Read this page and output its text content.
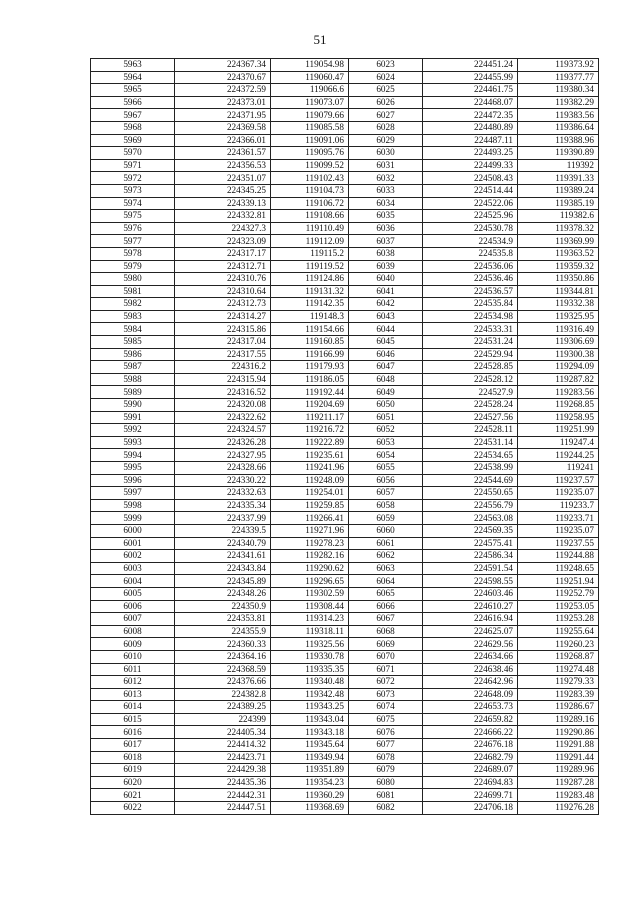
51
5963	224367.34	119054.98	6023	224451.24	119373.92
5964	224370.67	119060.47	6024	224455.99	119377.77
5965	224372.59	119066.6	6025	224461.75	119380.34
5966	224373.01	119073.07	6026	224468.07	119382.29
5967	224371.95	119079.66	6027	224472.35	119383.56
5968	224369.58	119085.58	6028	224480.89	119386.64
5969	224366.01	119091.06	6029	224487.11	119388.96
5970	224361.57	119095.76	6030	224493.25	119390.89
5971	224356.53	119099.52	6031	224499.33	119392
5972	224351.07	119102.43	6032	224508.43	119391.33
5973	224345.25	119104.73	6033	224514.44	119389.24
5974	224339.13	119106.72	6034	224522.06	119385.19
5975	224332.81	119108.66	6035	224525.96	119382.6
5976	224327.3	119110.49	6036	224530.78	119378.32
5977	224323.09	119112.09	6037	224534.9	119369.99
5978	224317.17	119115.2	6038	224535.8	119363.52
5979	224312.71	119119.52	6039	224536.06	119359.32
5980	224310.76	119124.86	6040	224536.46	119350.86
5981	224310.64	119131.32	6041	224536.57	119344.81
5982	224312.73	119142.35	6042	224535.84	119332.38
5983	224314.27	119148.3	6043	224534.98	119325.95
5984	224315.86	119154.66	6044	224533.31	119316.49
5985	224317.04	119160.85	6045	224531.24	119306.69
5986	224317.55	119166.99	6046	224529.94	119300.38
5987	224316.2	119179.93	6047	224528.85	119294.09
5988	224315.94	119186.05	6048	224528.12	119287.82
5989	224316.52	119192.44	6049	224527.9	119283.56
5990	224320.08	119204.69	6050	224528.24	119268.85
5991	224322.62	119211.17	6051	224527.56	119258.95
5992	224324.57	119216.72	6052	224528.11	119251.99
5993	224326.28	119222.89	6053	224531.14	119247.4
5994	224327.95	119235.61	6054	224534.65	119244.25
5995	224328.66	119241.96	6055	224538.99	119241
5996	224330.22	119248.09	6056	224544.69	119237.57
5997	224332.63	119254.01	6057	224550.65	119235.07
5998	224335.34	119259.85	6058	224556.79	119233.7
5999	224337.99	119266.41	6059	224563.08	119233.71
6000	224339.5	119271.96	6060	224569.35	119235.07
6001	224340.79	119278.23	6061	224575.41	119237.55
6002	224341.61	119282.16	6062	224586.34	119244.88
6003	224343.84	119290.62	6063	224591.54	119248.65
6004	224345.89	119296.65	6064	224598.55	119251.94
6005	224348.26	119302.59	6065	224603.46	119252.79
6006	224350.9	119308.44	6066	224610.27	119253.05
6007	224353.81	119314.23	6067	224616.94	119253.28
6008	224355.9	119318.11	6068	224625.07	119255.64
6009	224360.33	119325.56	6069	224629.56	119260.23
6010	224364.16	119330.78	6070	224634.66	119268.87
6011	224368.59	119335.35	6071	224638.46	119274.48
6012	224376.66	119340.48	6072	224642.96	119279.33
6013	224382.8	119342.48	6073	224648.09	119283.39
6014	224389.25	119343.25	6074	224653.73	119286.67
6015	224399	119343.04	6075	224659.82	119289.16
6016	224405.34	119343.18	6076	224666.22	119290.86
6017	224414.32	119345.64	6077	224676.18	119291.88
6018	224423.71	119349.94	6078	224682.79	119291.44
6019	224429.38	119351.89	6079	224689.07	119289.96
6020	224435.36	119354.23	6080	224694.83	119287.28
6021	224442.31	119360.29	6081	224699.71	119283.48
6022	224447.51	119368.69	6082	224706.18	119276.28
